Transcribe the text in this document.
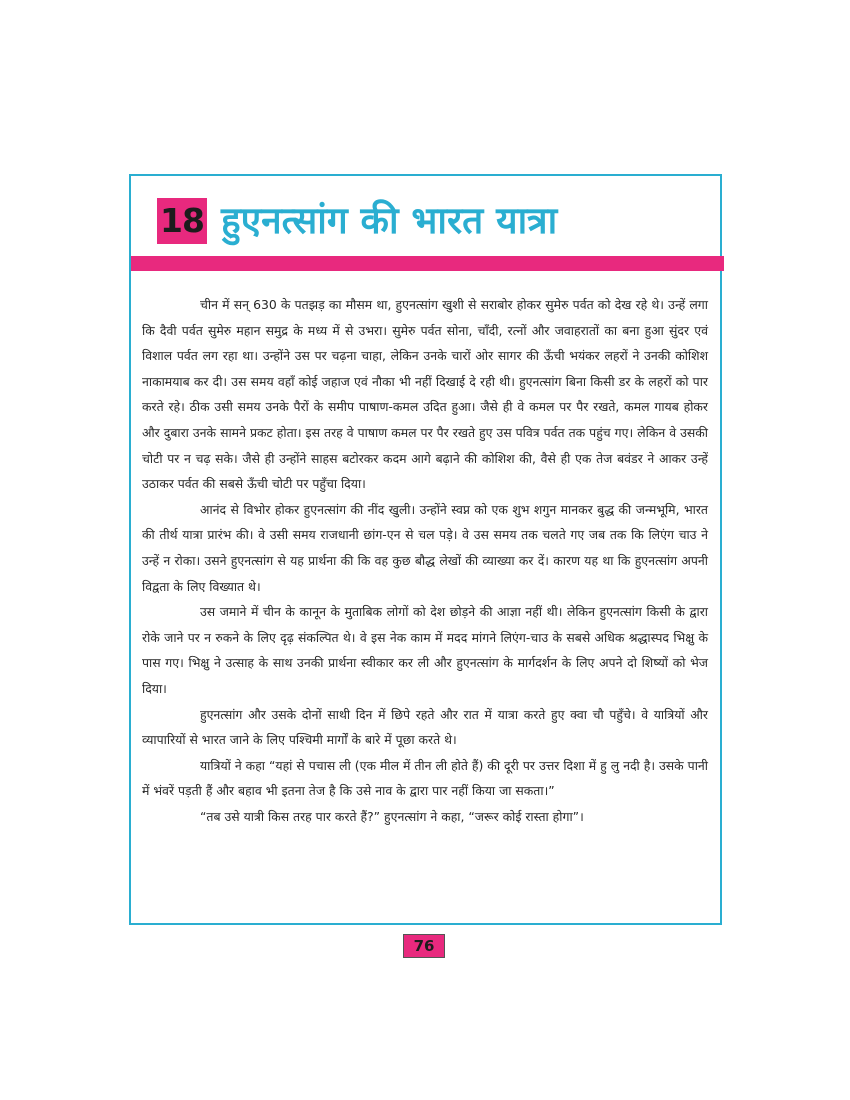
18 हुएनत्सांग की भारत यात्रा

चीन में सन् 630 के पतझड़ का मौसम था, हुएनत्सांग खुशी से सराबोर होकर सुमेरु पर्वत को देख रहे थे। उन्हें लगा कि दैवी पर्वत सुमेरु महान समुद्र के मध्य में से उभरा। सुमेरु पर्वत सोना, चाँदी, रत्नों और जवाहरातों का बना हुआ सुंदर एवं विशाल पर्वत लग रहा था। उन्होंने उस पर चढ़ना चाहा, लेकिन उनके चारों ओर सागर की ऊँची भयंकर लहरों ने उनकी कोशिश नाकामयाब कर दी। उस समय वहाँ कोई जहाज एवं नौका भी नहीं दिखाई दे रही थी। हुएनत्सांग बिना किसी डर के लहरों को पार करते रहे। ठीक उसी समय उनके पैरों के समीप पाषाण-कमल उदित हुआ। जैसे ही वे कमल पर पैर रखते, कमल गायब होकर और दुबारा उनके सामने प्रकट होता। इस तरह वे पाषाण कमल पर पैर रखते हुए उस पवित्र पर्वत तक पहुंच गए। लेकिन वे उसकी चोटी पर न चढ़ सके। जैसे ही उन्होंने साहस बटोरकर कदम आगे बढ़ाने की कोशिश की, वैसे ही एक तेज बवंडर ने आकर उन्हें उठाकर पर्वत की सबसे ऊँची चोटी पर पहुँचा दिया।

आनंद से विभोर होकर हुएनत्सांग की नींद खुली। उन्होंने स्वप्न को एक शुभ शगुन मानकर बुद्ध की जन्मभूमि, भारत की तीर्थ यात्रा प्रारंभ की। वे उसी समय राजधानी छांग-एन से चल पड़े। वे उस समय तक चलते गए जब तक कि लिएंग चाउ ने उन्हें न रोका। उसने हुएनत्सांग से यह प्रार्थना की कि वह कुछ बौद्ध लेखों की व्याख्या कर दें। कारण यह था कि हुएनत्सांग अपनी विद्वता के लिए विख्यात थे।

उस जमाने में चीन के कानून के मुताबिक लोगों को देश छोड़ने की आज्ञा नहीं थी। लेकिन हुएनत्सांग किसी के द्वारा रोके जाने पर न रुकने के लिए दृढ़ संकल्पित थे। वे इस नेक काम में मदद मांगने लिएंग-चाउ के सबसे अधिक श्रद्धास्पद भिक्षु के पास गए। भिक्षु ने उत्साह के साथ उनकी प्रार्थना स्वीकार कर ली और हुएनत्सांग के मार्गदर्शन के लिए अपने दो शिष्यों को भेज दिया।

हुएनत्सांग और उसके दोनों साथी दिन में छिपे रहते और रात में यात्रा करते हुए क्वा चौ पहुँचे। वे यात्रियों और व्यापारियों से भारत जाने के लिए पश्चिमी मार्गों के बारे में पूछा करते थे।

यात्रियों ने कहा “यहां से पचास ली (एक मील में तीन ली होते हैं) की दूरी पर उत्तर दिशा में हु लु नदी है। उसके पानी में भंवरें पड़ती हैं और बहाव भी इतना तेज है कि उसे नाव के द्वारा पार नहीं किया जा सकता।”

“तब उसे यात्री किस तरह पार करते हैं?” हुएनत्सांग ने कहा, “जरूर कोई रास्ता होगा”।

76
